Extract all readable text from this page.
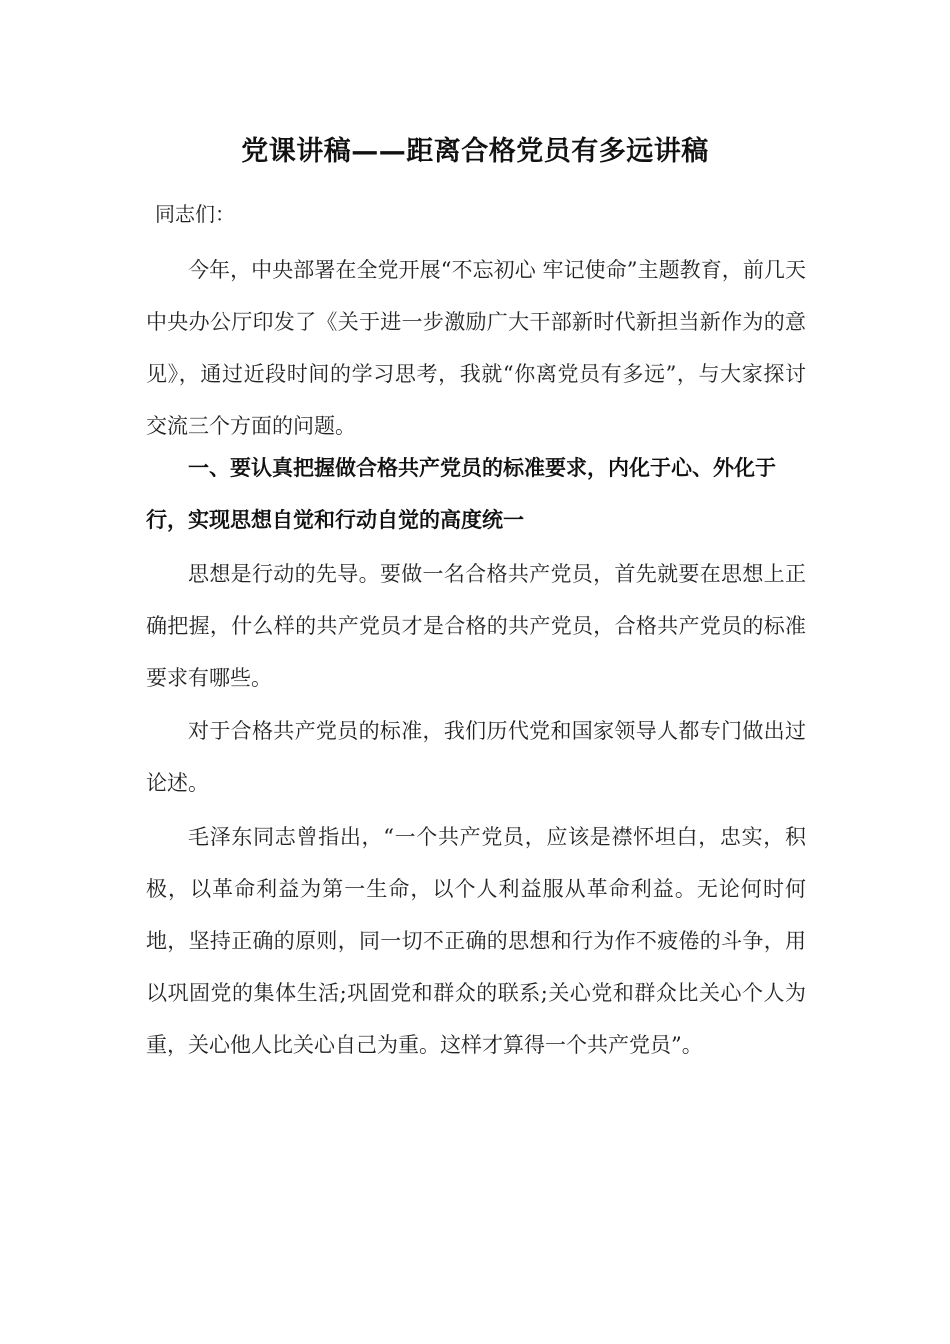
党课讲稿——距离合格党员有多远讲稿

同志们：

今年，中央部署在全党开展“不忘初心 牢记使命”主题教育，前几天中央办公厅印发了《关于进一步激励广大干部新时代新担当新作为的意见》，通过近段时间的学习思考，我就“你离党员有多远”，与大家探讨交流三个方面的问题。

一、要认真把握做合格共产党员的标准要求，内化于心、外化于行，实现思想自觉和行动自觉的高度统一

思想是行动的先导。要做一名合格共产党员，首先就要在思想上正确把握，什么样的共产党员才是合格的共产党员，合格共产党员的标准要求有哪些。

对于合格共产党员的标准，我们历代党和国家领导人都专门做出过论述。

毛泽东同志曾指出，“一个共产党员，应该是襟怀坦白，忠实，积极，以革命利益为第一生命，以个人利益服从革命利益。无论何时何地，坚持正确的原则，同一切不正确的思想和行为作不疲倦的斗争，用以巩固党的集体生活;巩固党和群众的联系;关心党和群众比关心个人为重，关心他人比关心自己为重。这样才算得一个共产党员”。
